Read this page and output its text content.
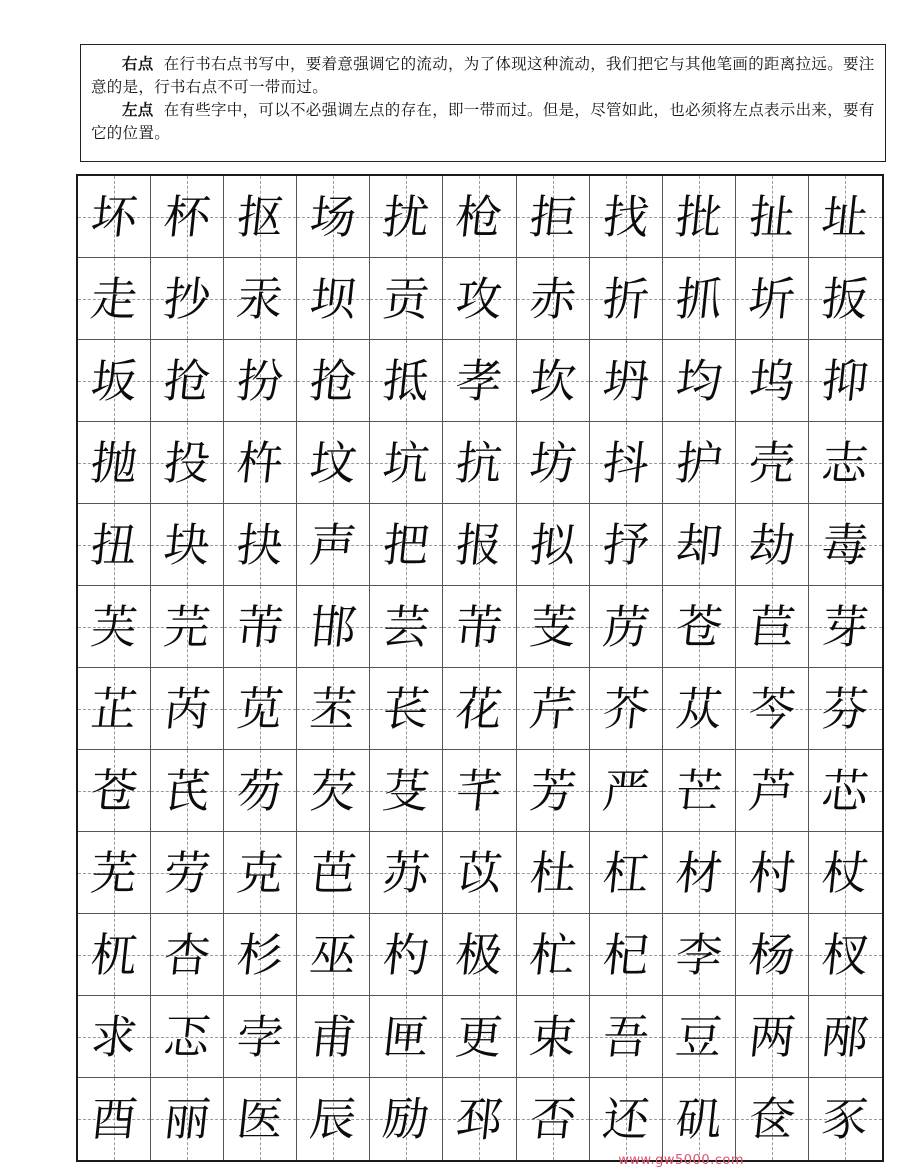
右点 在行书右点书写中，要着意强调它的流动，为了体现这种流动，我们把它与其他笔画的距离拉远。要注意的是，行书右点不可一带而过。

左点 在有些字中，可以不必强调左点的存在，即一带而过。但是，尽管如此，也必须将左点表示出来，要有它的位置。

坏 杯 抠 场 扰 枪 拒 找 批 扯 址
走 抄 汞 坝 贡 攻 赤 折 抓 圻 扳
坂 抢 扮 抢 抵 孝 坎 坍 均 坞 抑
抛 投 杵 坟 坑 抗 坊 抖 护 壳 志
扭 块 抉 声 把 报 拟 抒 却 劫 毒
芙 芫 芾 邯 芸 芾 芰 苈 苍 苣 芽
芷 芮 苋 苤 苌 花 芹 芥 苁 芩 芬
苍 芪 芴 芡 芟 芊 芳 严 芒 芦 芯
芜 劳 克 芭 苏 苡 杜 杠 材 村 杖
杌 杏 杉 巫 杓 极 杧 杞 李 杨 杈
求 忑 孛 甫 匣 更 束 吾 豆 两 邴
酉 丽 医 辰 励 邳 否 还 矶 奁 豕
www.gw5000.com
